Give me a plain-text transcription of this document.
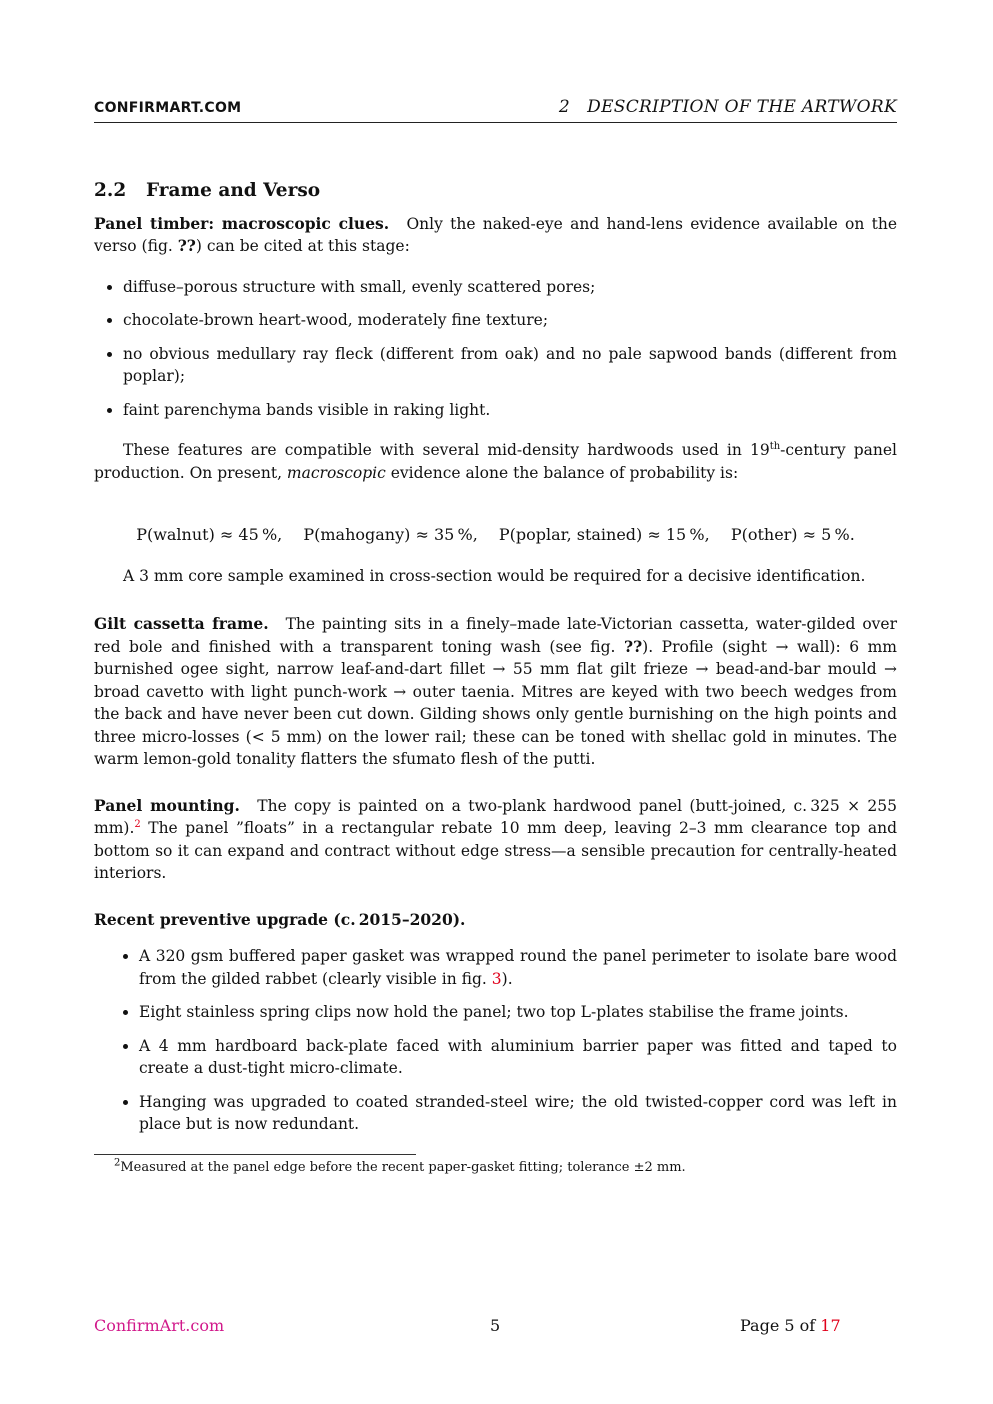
CONFIRMART.COM	2   DESCRIPTION OF THE ARTWORK
2.2 Frame and Verso

Panel timber: macroscopic clues. Only the naked-eye and hand-lens evidence available on the verso (fig. ??) can be cited at this stage:

• diffuse–porous structure with small, evenly scattered pores;
• chocolate-brown heart-wood, moderately fine texture;
• no obvious medullary ray fleck (different from oak) and no pale sapwood bands (different from poplar);
• faint parenchyma bands visible in raking light.

These features are compatible with several mid-density hardwoods used in 19th-century panel production. On present, macroscopic evidence alone the balance of probability is:

P(walnut) ≈ 45 %, P(mahogany) ≈ 35 %, P(poplar, stained) ≈ 15 %, P(other) ≈ 5 %.

A 3 mm core sample examined in cross-section would be required for a decisive identification.

Gilt cassetta frame. The painting sits in a finely–made late-Victorian cassetta, water-gilded over red bole and finished with a transparent toning wash (see fig. ??). Profile (sight → wall): 6 mm burnished ogee sight, narrow leaf-and-dart fillet → 55 mm flat gilt frieze → bead-and-bar mould → broad cavetto with light punch-work → outer taenia. Mitres are keyed with two beech wedges from the back and have never been cut down. Gilding shows only gentle burnishing on the high points and three micro-losses (< 5 mm) on the lower rail; these can be toned with shellac gold in minutes. The warm lemon-gold tonality flatters the sfumato flesh of the putti.

Panel mounting. The copy is painted on a two-plank hardwood panel (butt-joined, c. 325 × 255 mm).$^2$ The panel ”floats” in a rectangular rebate 10 mm deep, leaving 2–3 mm clearance top and bottom so it can expand and contract without edge stress—a sensible precaution for centrally-heated interiors.

Recent preventive upgrade (c. 2015–2020).

• A 320 gsm buffered paper gasket was wrapped round the panel perimeter to isolate bare wood from the gilded rabbet (clearly visible in fig. 3).
• Eight stainless spring clips now hold the panel; two top L-plates stabilise the frame joints.
• A 4 mm hardboard back-plate faced with aluminium barrier paper was fitted and taped to create a dust-tight micro-climate.
• Hanging was upgraded to coated stranded-steel wire; the old twisted-copper cord was left in place but is now redundant.
$^2$Measured at the panel edge before the recent paper-gasket fitting; tolerance ±2 mm.
ConfirmArt.com	5	Page 5 of 17
